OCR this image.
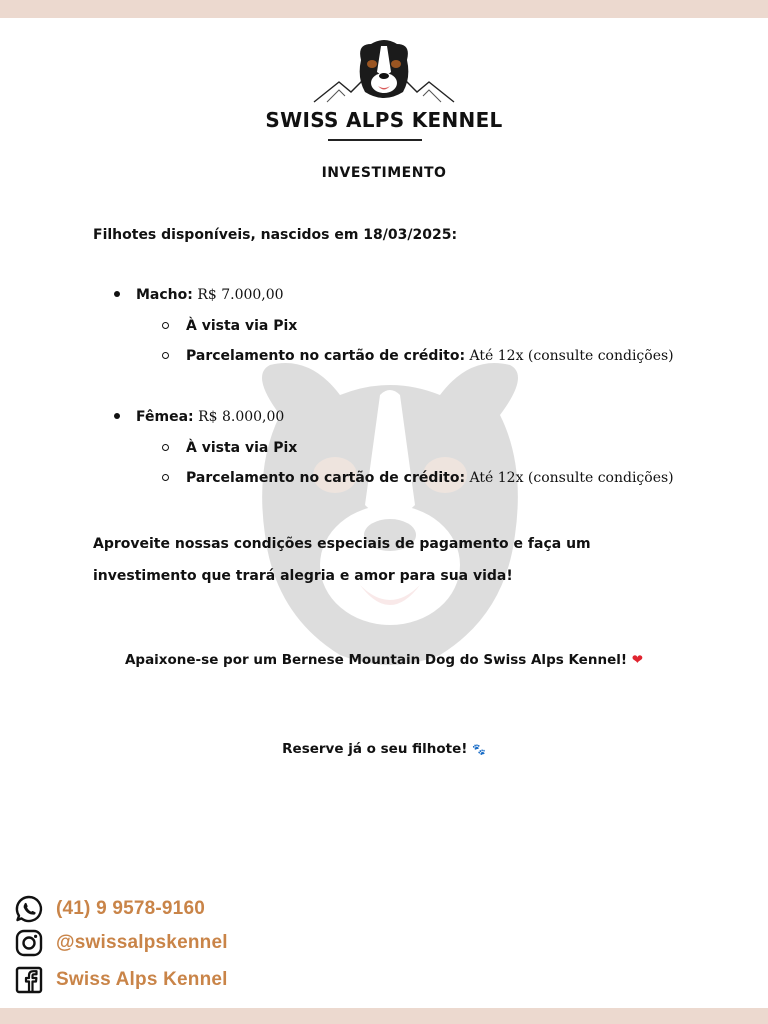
SWISS ALPS KENNEL
INVESTIMENTO
Filhotes disponíveis, nascidos em 18/03/2025:
Macho: R$ 7.000,00
À vista via Pix
Parcelamento no cartão de crédito: Até 12x (consulte condições)
Fêmea: R$ 8.000,00
À vista via Pix
Parcelamento no cartão de crédito: Até 12x (consulte condições)
Aproveite nossas condições especiais de pagamento e faça um investimento que trará alegria e amor para sua vida!
Apaixone-se por um Bernese Mountain Dog do Swiss Alps Kennel! ❤
Reserve já o seu filhote! 🐾
(41) 9 9578-9160
@swissalpskennel
Swiss Alps Kennel
